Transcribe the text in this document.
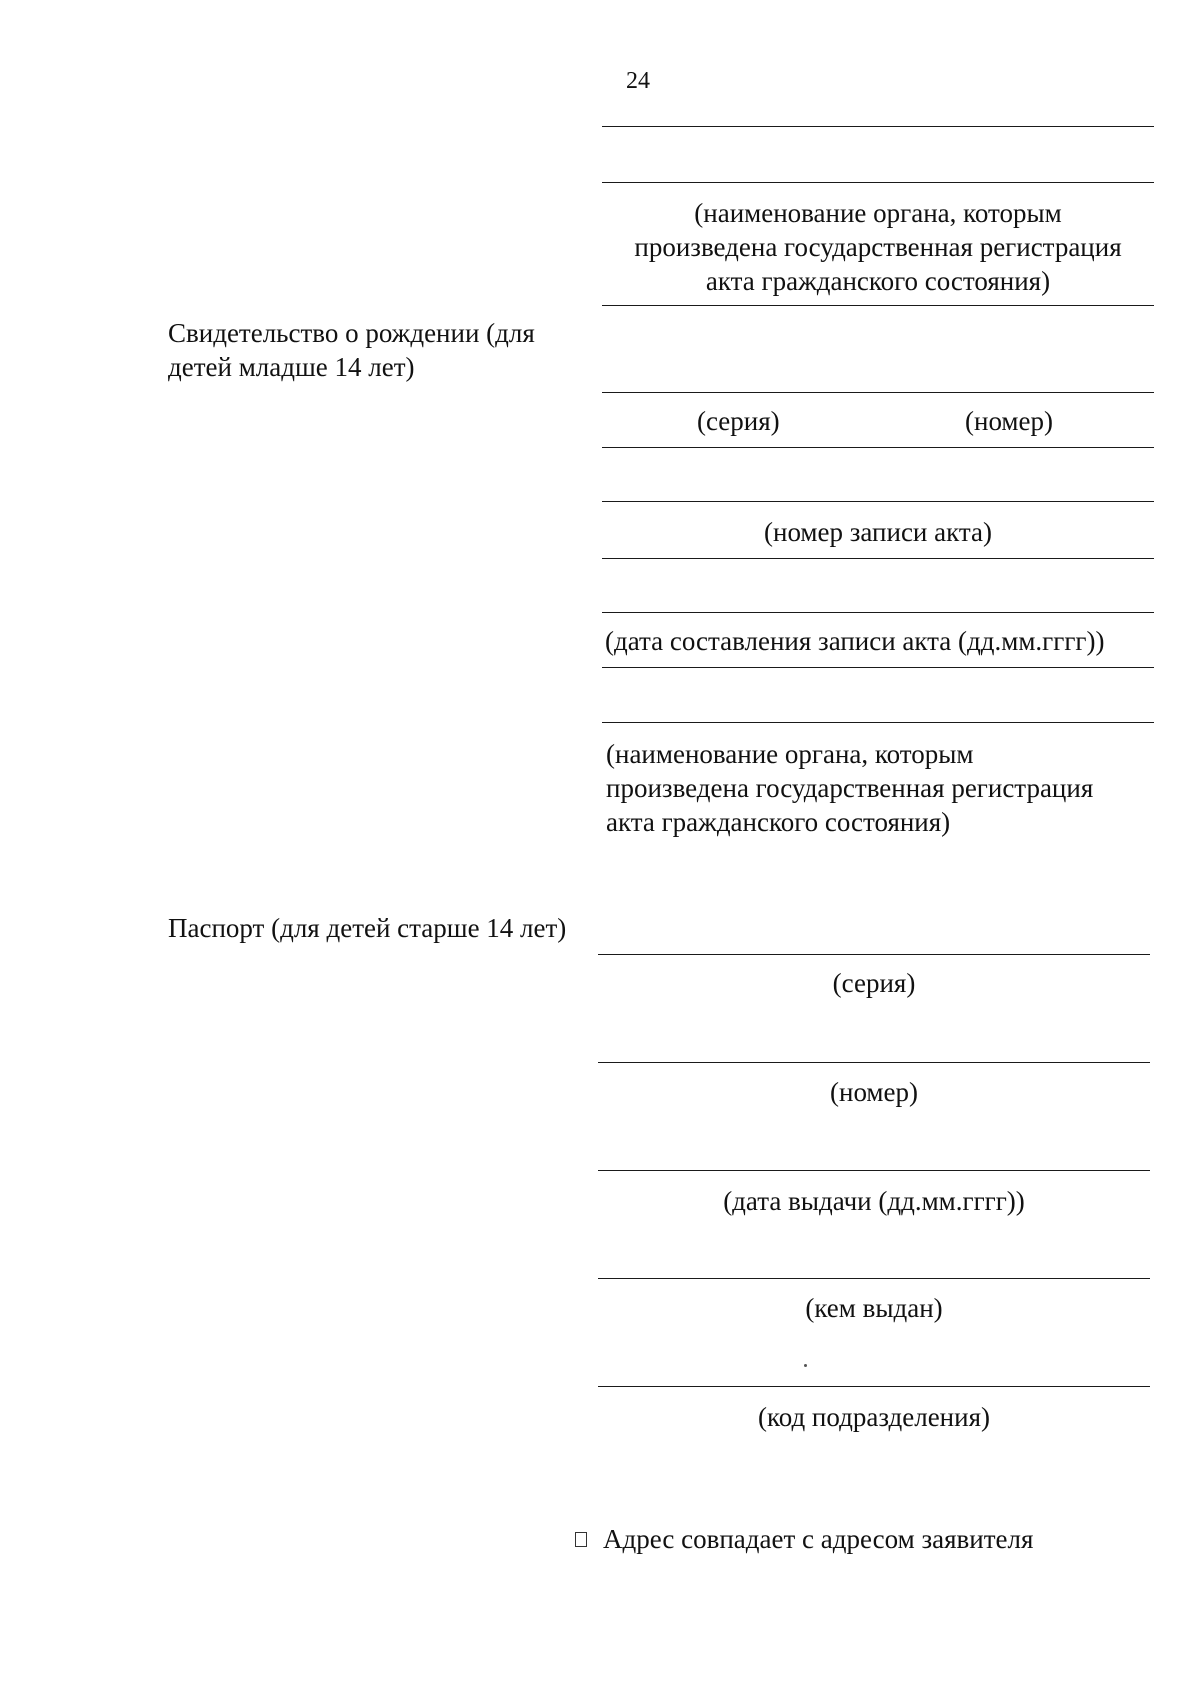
24
(наименование органа, которым
произведена государственная регистрация
акта гражданского состояния)
Свидетельство о рождении (для
детей младше 14 лет)
(серия)	(номер)
(номер записи акта)
(дата составления записи акта (дд.мм.гггг))
(наименование органа, которым
произведена государственная регистрация
акта гражданского состояния)
Паспорт (для детей старше 14 лет)
(серия)
(номер)
(дата выдачи (дд.мм.гггг))
(кем выдан)
(код подразделения)
Адрес совпадает с адресом заявителя
